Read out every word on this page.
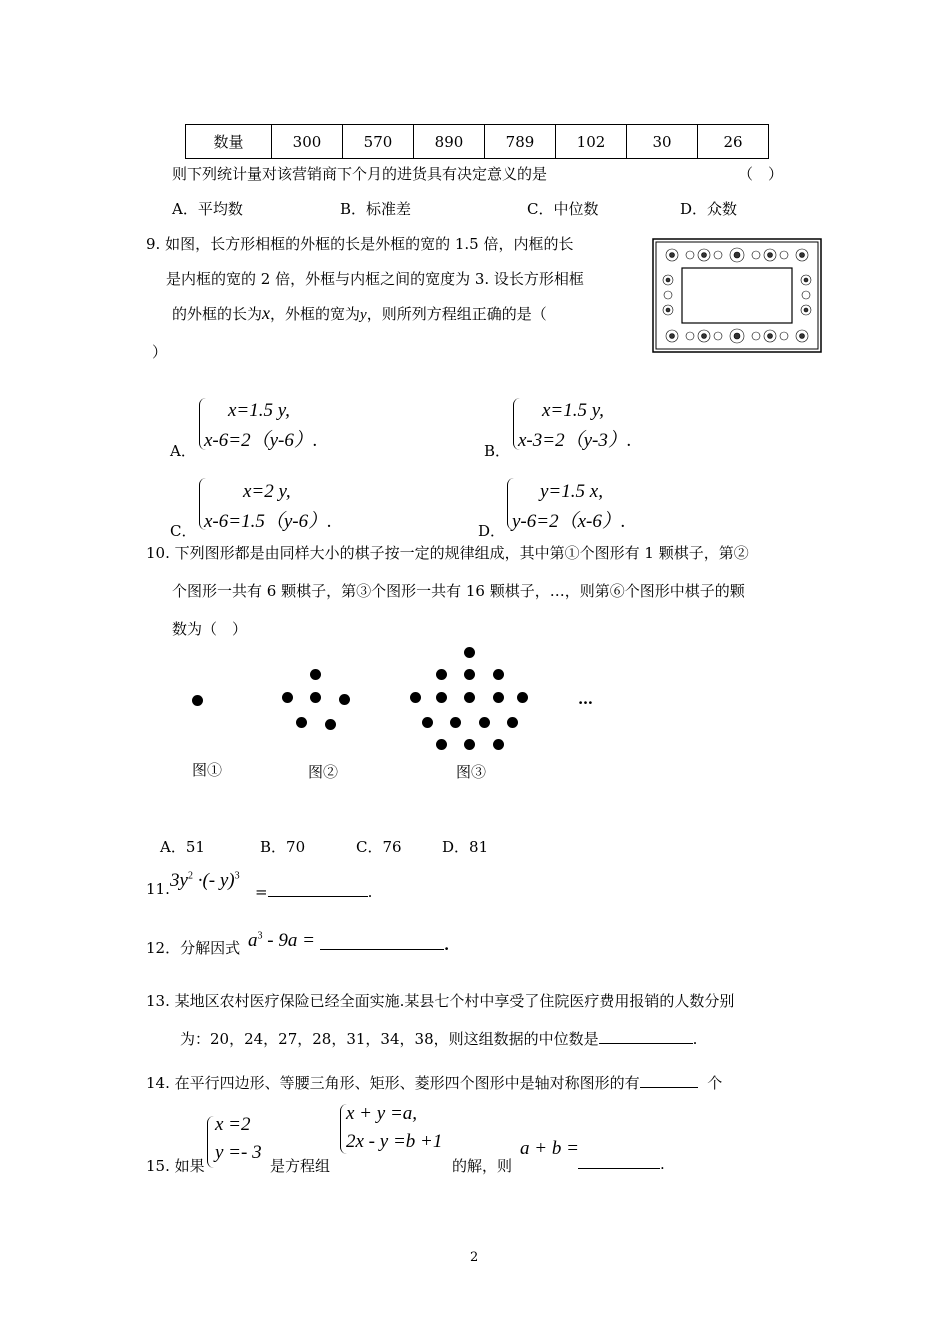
数量	300	570	890	789	102	30	26
则下列统计量对该营销商下个月的进货具有决定意义的是	（　）
A．平均数	B．标准差	C．中位数	D．众数
9. 如图，长方形相框的外框的长是外框的宽的 1.5 倍，内框的长
是内框的宽的 2 倍，外框与内框之间的宽度为 3. 设长方形相框
的外框的长为x，外框的宽为y，则所列方程组正确的是（
）
A．
x=1.5 y,
x-6=2（y-6）.	B．
x=1.5 y,
x-3=2（y-3）.
C．
x=2 y,
x-6=1.5（y-6）.	D．
y=1.5 x,
y-6=2（x-6）.
10. 下列图形都是由同样大小的棋子按一定的规律组成，其中第①个图形有 1 颗棋子，第②
个图形一共有 6 颗棋子，第③个图形一共有 16 颗棋子，…，则第⑥个图形中棋子的颗
数为（　）
…
图①	图②	图③
A．51	B．70	C．76	D．81
11. $3y^2$ ·(- y)$^3$
=	.
12．分解因式 $a^3 - 9a$ =	.
13. 某地区农村医疗保险已经全面实施.某县七个村中享受了住院医疗费用报销的人数分别
为：20，24，27，28，31，34，38，则这组数据的中位数是	.
14. 在平行四边形、等腰三角形、矩形、菱形四个图形中是轴对称图形的有	个
15. 如果
x =2
y =- 3
是方程组
x + y =a,
2x - y =b +1
的解，则
a + b =
.
2
